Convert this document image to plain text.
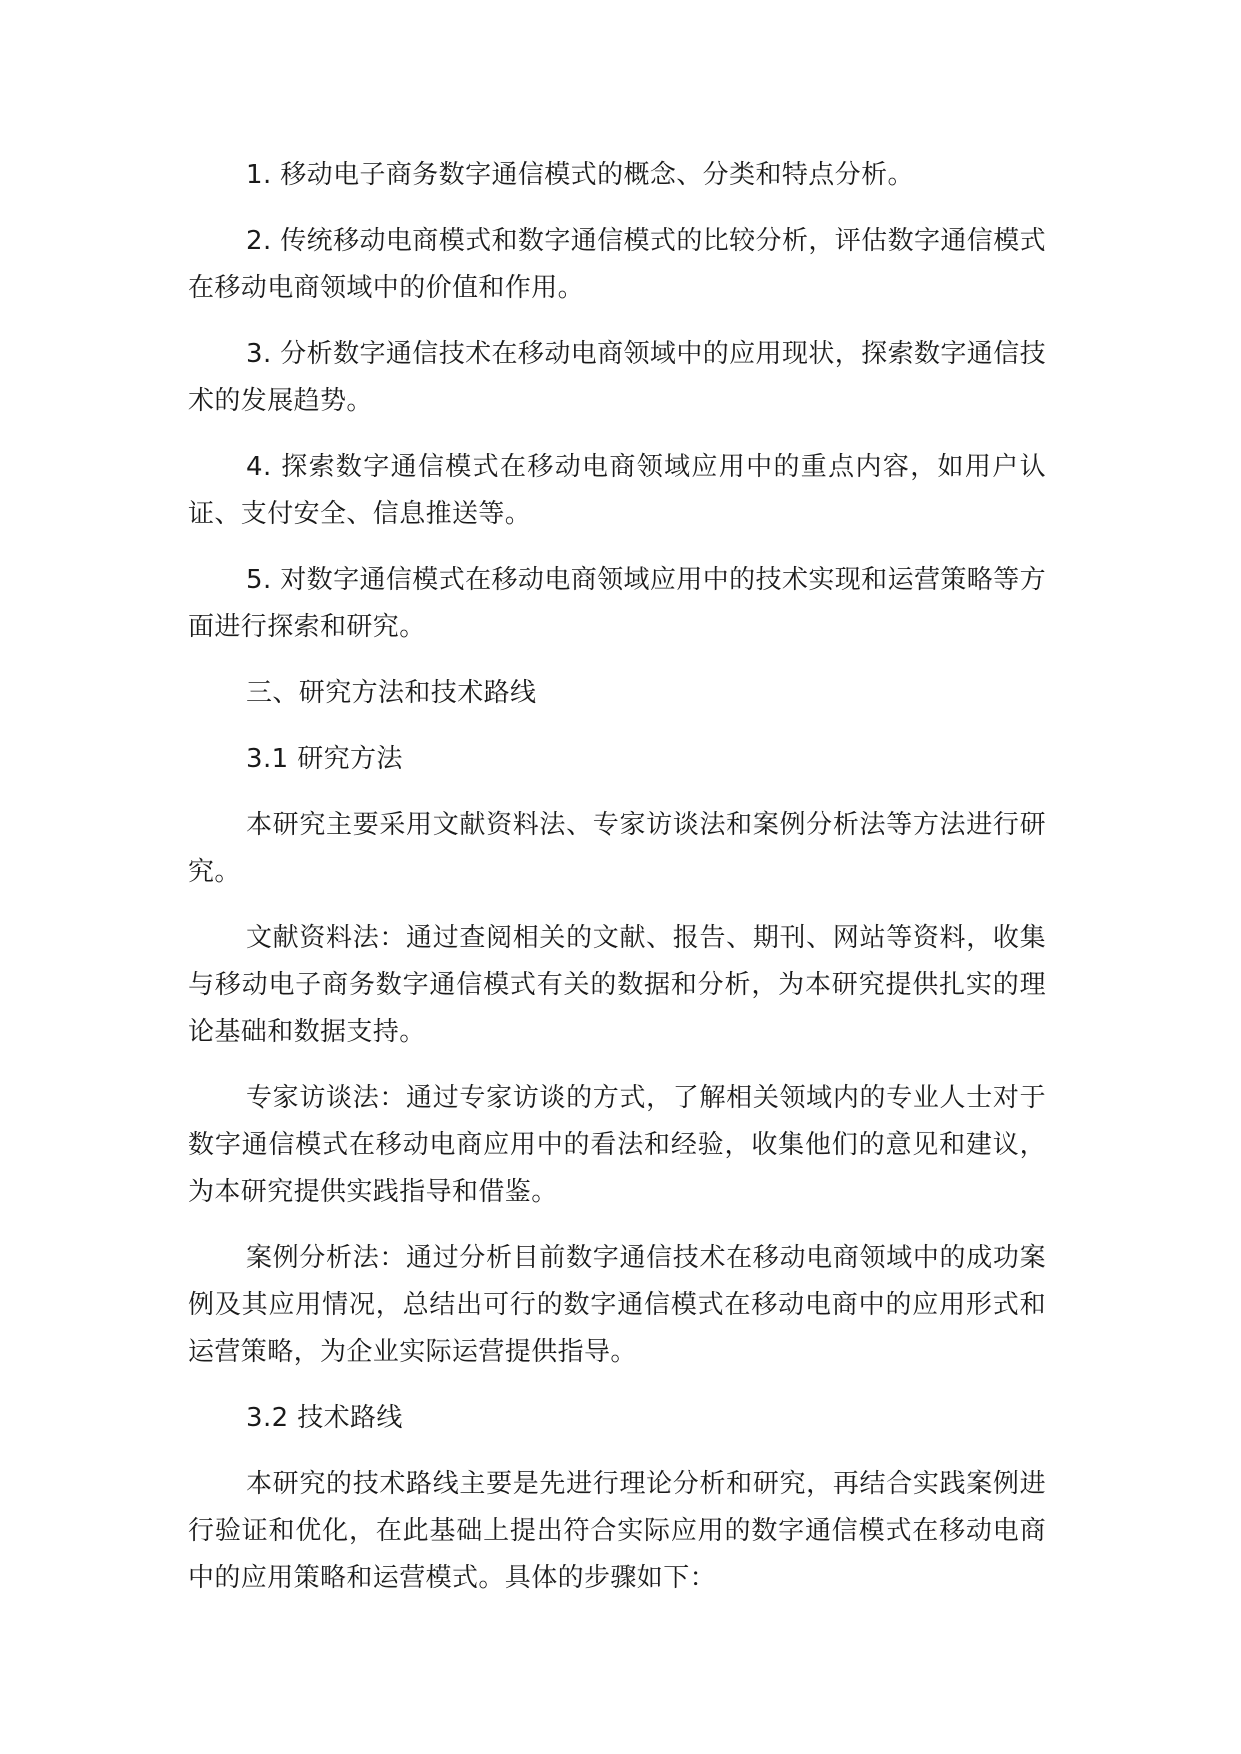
1. 移动电子商务数字通信模式的概念、分类和特点分析。

2. 传统移动电商模式和数字通信模式的比较分析，评估数字通信模式在移动电商领域中的价值和作用。

3. 分析数字通信技术在移动电商领域中的应用现状，探索数字通信技术的发展趋势。

4. 探索数字通信模式在移动电商领域应用中的重点内容，如用户认证、支付安全、信息推送等。

5. 对数字通信模式在移动电商领域应用中的技术实现和运营策略等方面进行探索和研究。

三、研究方法和技术路线

3.1 研究方法

本研究主要采用文献资料法、专家访谈法和案例分析法等方法进行研究。

文献资料法：通过查阅相关的文献、报告、期刊、网站等资料，收集与移动电子商务数字通信模式有关的数据和分析，为本研究提供扎实的理论基础和数据支持。

专家访谈法：通过专家访谈的方式，了解相关领域内的专业人士对于数字通信模式在移动电商应用中的看法和经验，收集他们的意见和建议，为本研究提供实践指导和借鉴。

案例分析法：通过分析目前数字通信技术在移动电商领域中的成功案例及其应用情况，总结出可行的数字通信模式在移动电商中的应用形式和运营策略，为企业实际运营提供指导。

3.2 技术路线

本研究的技术路线主要是先进行理论分析和研究，再结合实践案例进行验证和优化，在此基础上提出符合实际应用的数字通信模式在移动电商中的应用策略和运营模式。具体的步骤如下：
